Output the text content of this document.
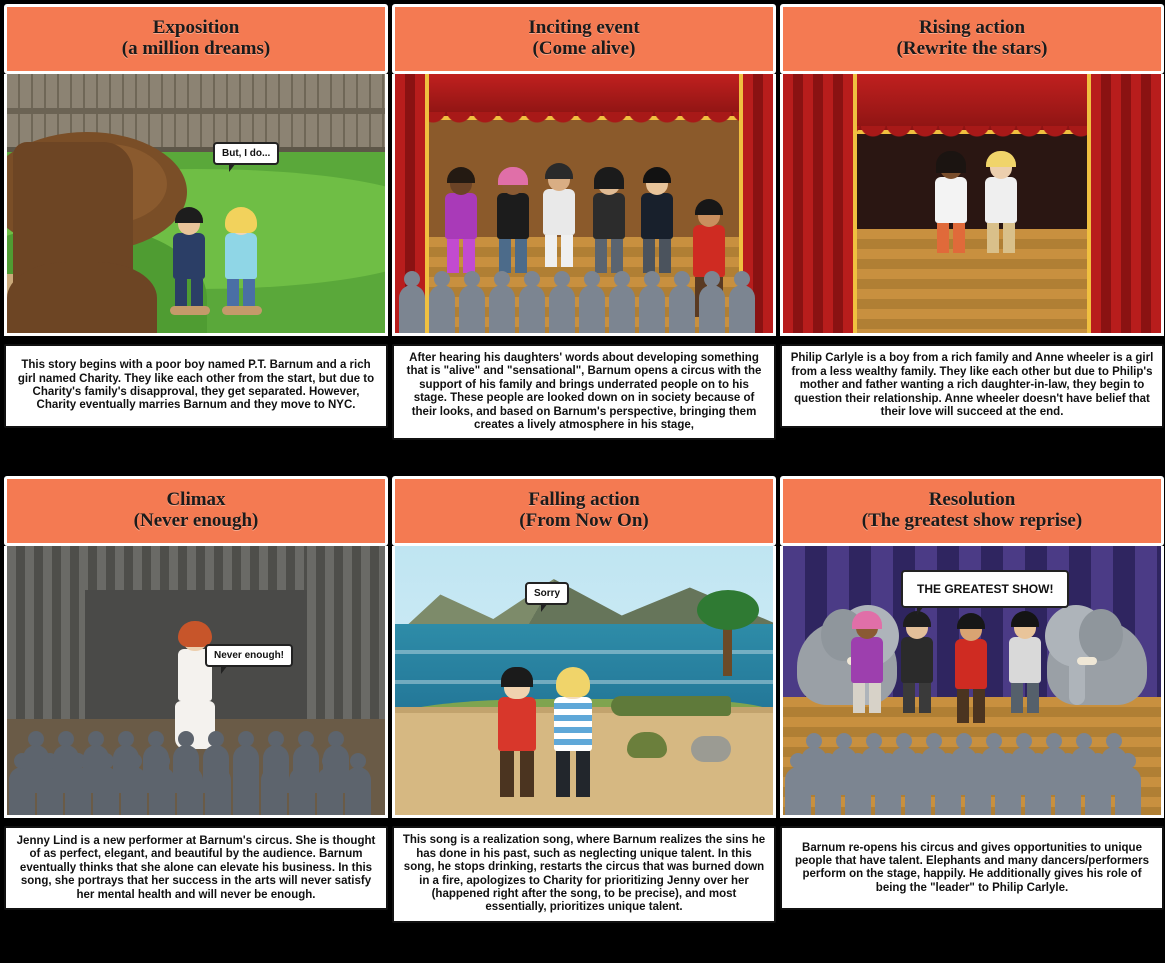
Exposition
(a million dreams)
But, I do...
This story begins with a poor boy named P.T. Barnum and a rich girl named Charity. They like each other from the start, but due to Charity's family's disapproval, they get separated. However, Charity eventually marries Barnum and they move to NYC.
Inciting event
(Come alive)
After hearing his daughters' words about developing something that is "alive" and "sensational", Barnum opens a circus with the support of his family and brings underrated people on to his stage. These people are looked down on in society because of their looks, and based on Barnum's perspective, bringing them creates a lively atmosphere in his stage,
Rising action
(Rewrite the stars)
Philip Carlyle is a boy from a rich family and Anne wheeler is a girl from a less wealthy family. They like each other but due to Philip's mother and father wanting a rich daughter-in-law, they begin to question their relationship. Anne wheeler doesn't have belief that their love will succeed at the end.
Climax
(Never enough)
Never enough!
Jenny Lind is a new performer at Barnum's circus. She is thought of as perfect, elegant, and beautiful by the audience. Barnum eventually thinks that she alone can elevate his business. In this song, she portrays that her success in the arts will never satisfy her mental health and will never be enough.
Falling action
(From Now On)
Sorry
This song is a realization song, where Barnum realizes the sins he has done in his past, such as neglecting unique talent. In this song, he stops drinking, restarts the circus that was burned down in a fire, apologizes to Charity for prioritizing Jenny over her (happened right after the song, to be precise), and most essentially, prioritizes unique talent.
Resolution
(The greatest show reprise)
THE GREATEST SHOW!
Barnum re-opens his circus and gives opportunities to unique people that have talent. Elephants and many dancers/performers perform on the stage, happily. He additionally gives his role of being the "leader" to Philip Carlyle.
